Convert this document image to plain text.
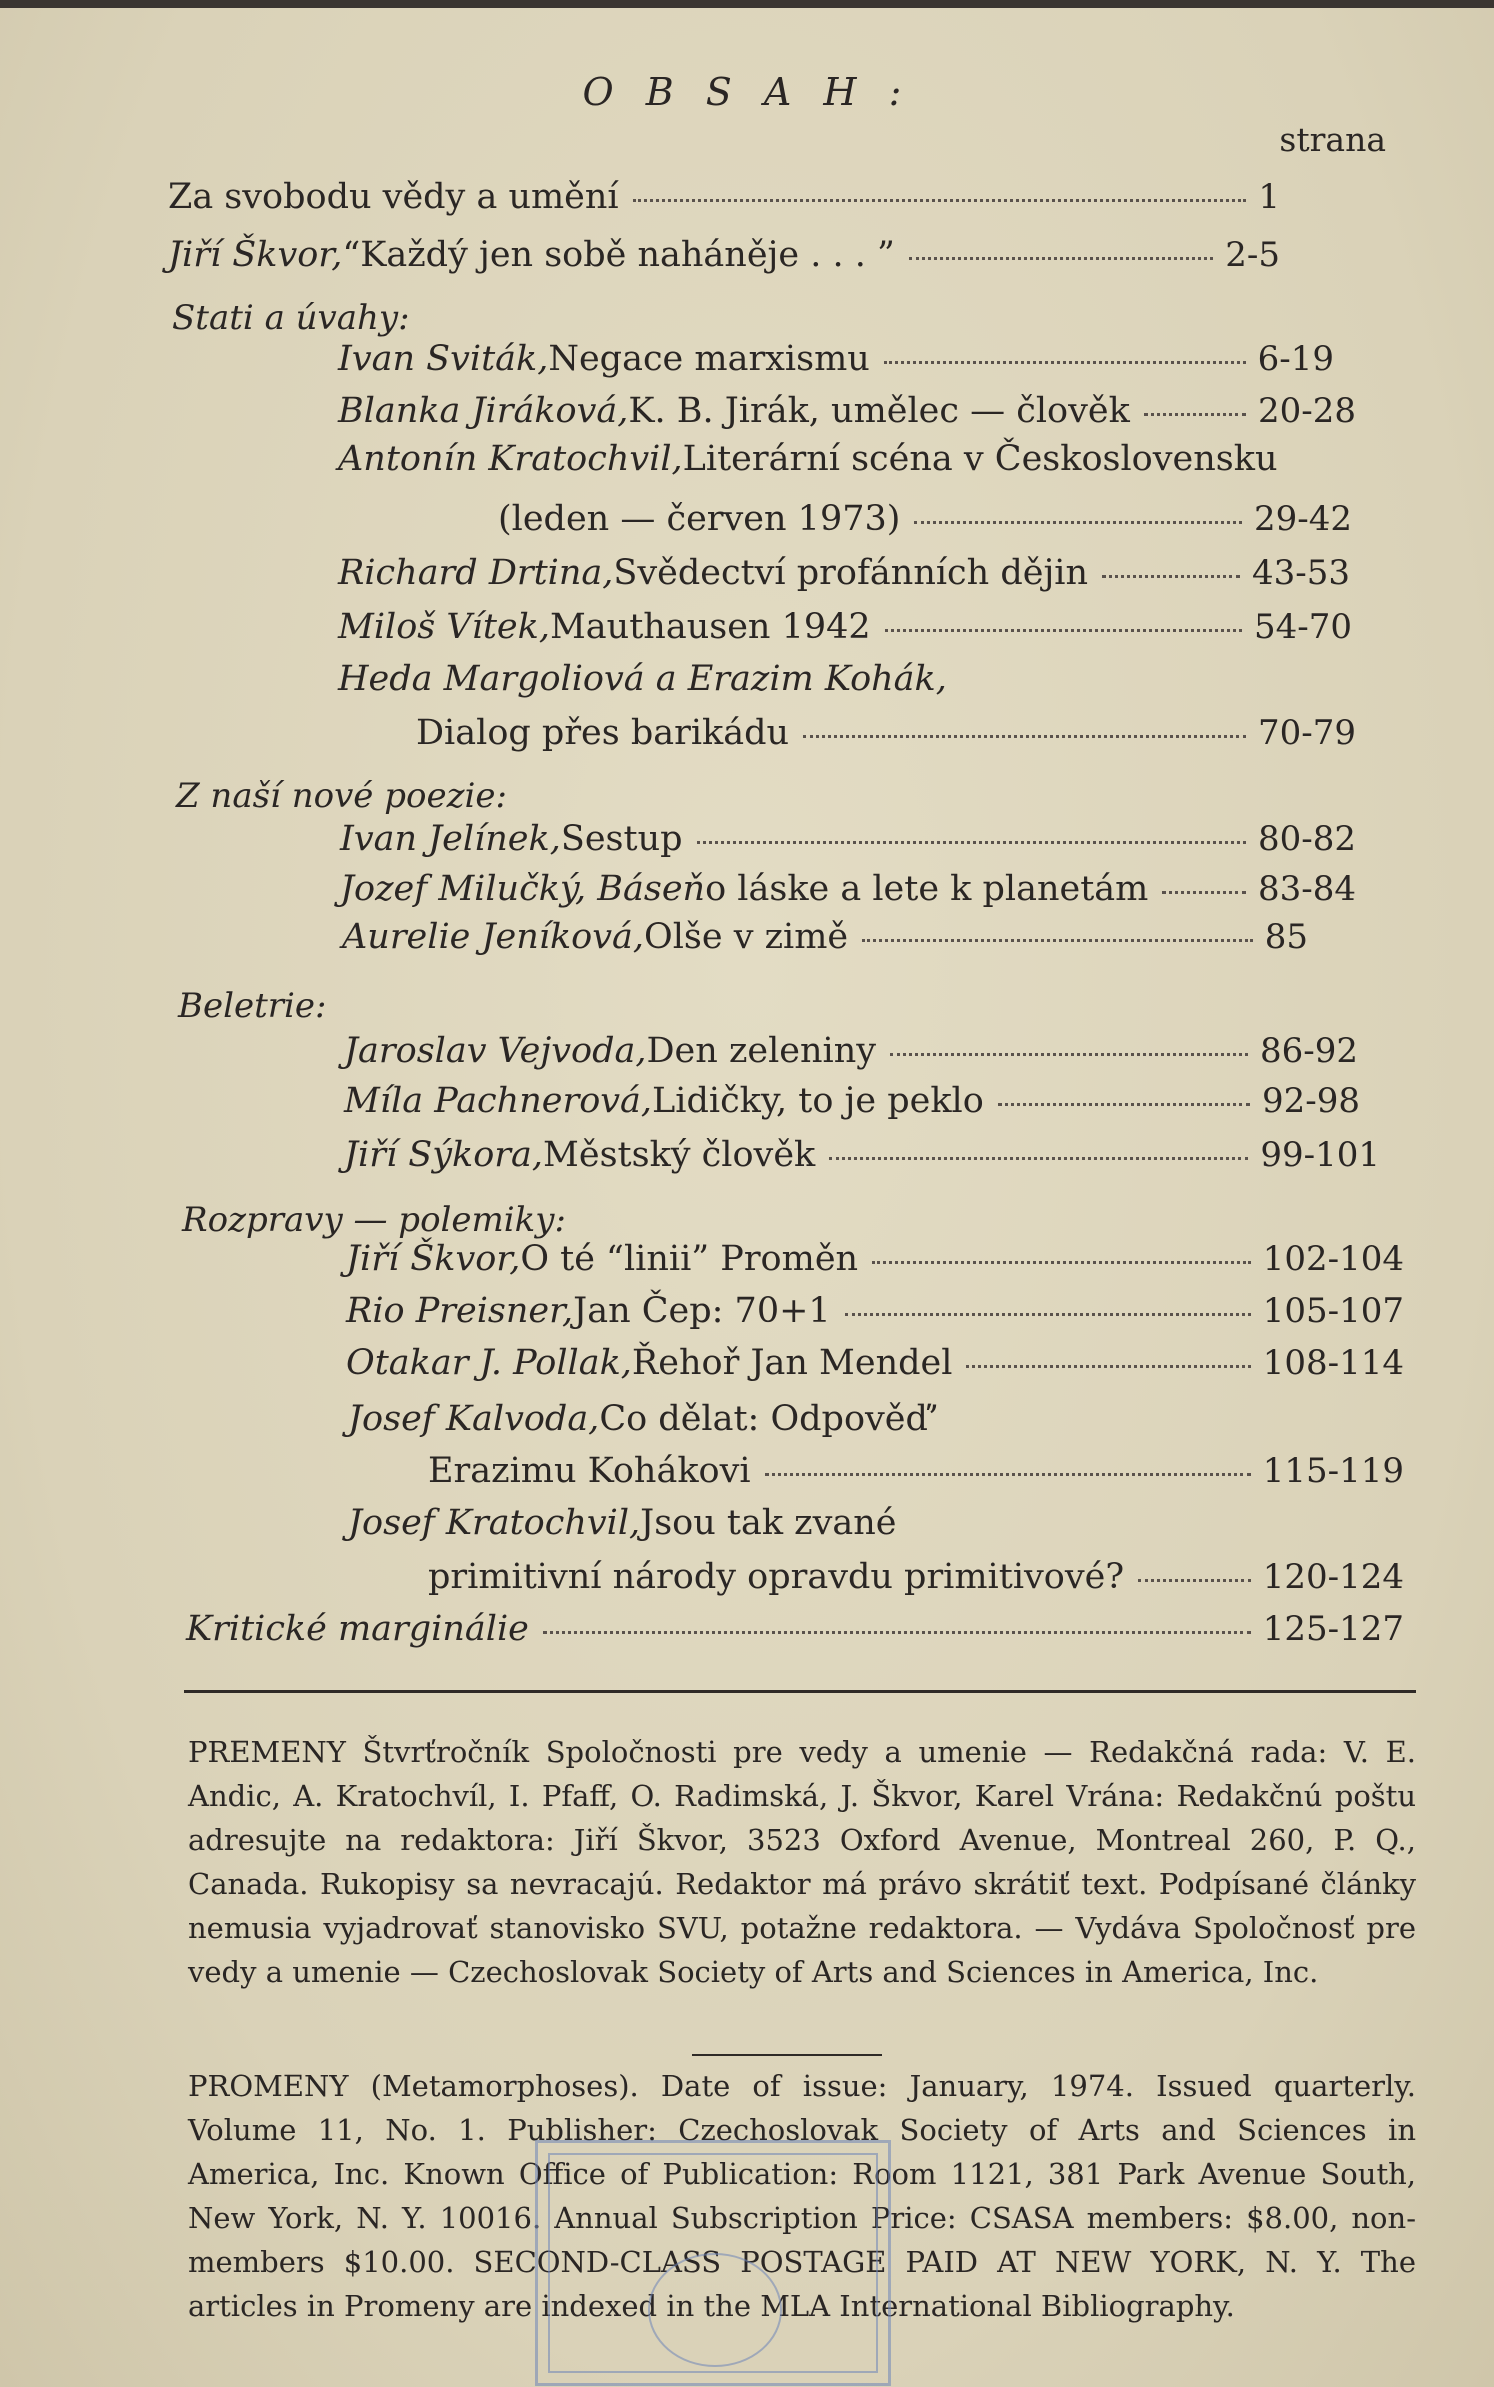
O B S A H :
strana
Za svobodu vědy a umění	1
Jiří Škvor, “Každý jen sobě naháněje . . . ”	2-5
Stati a úvahy:
Ivan Sviták, Negace marxismu	6-19
Blanka Jiráková, K. B. Jirák, umělec — člověk	20-28
Antonín Kratochvil, Literární scéna v Československu
(leden — červen 1973)	29-42
Richard Drtina, Svědectví profánních dějin	43-53
Miloš Vítek, Mauthausen 1942	54-70
Heda Margoliová a Erazim Kohák,
Dialog přes barikádu	70-79
Z naší nové poezie:
Ivan Jelínek, Sestup	80-82
Jozef Milučký, Báseň o láske a lete k planetám	83-84
Aurelie Jeníková, Olše v zimě	85
Beletrie:
Jaroslav Vejvoda, Den zeleniny	86-92
Míla Pachnerová, Lidičky, to je peklo	92-98
Jiří Sýkora, Městský člověk	99-101
Rozpravy — polemiky:
Jiří Škvor, O té “linii” Proměn	102-104
Rio Preisner, Jan Čep: 70+1	105-107
Otakar J. Pollak, Řehoř Jan Mendel	108-114
Josef Kalvoda, Co dělat: Odpověď’
Erazimu Kohákovi	115-119
Josef Kratochvil, Jsou tak zvané
primitivní národy opravdu primitivové?	120-124
Kritické marginálie	125-127
PREMENY Štvrťročník Spoločnosti pre vedy a umenie — Redakčná rada: V. E. Andic, A. Kratochvíl, I. Pfaff, O. Radimská, J. Škvor, Karel Vrána: Redakčnú poštu adresujte na redaktora: Jiří Škvor, 3523 Oxford Avenue, Montreal 260, P. Q., Canada. Rukopisy sa nevracajú. Redaktor má právo skrátiť text. Podpísané články nemusia vyjadrovať stanovisko SVU, potažne redaktora. — Vydáva Spoločnosť pre vedy a umenie — Czechoslovak Society of Arts and Sciences in America, Inc.
PROMENY (Metamorphoses). Date of issue: January, 1974. Issued quarterly. Volume 11, No. 1. Publisher: Czechoslovak Society of Arts and Sciences in America, Inc. Known Office of Publication: Room 1121, 381 Park Avenue South, New York, N. Y. 10016. Annual Subscription Price: CSASA members: $8.00, non-members $10.00. SECOND-CLASS POSTAGE PAID AT NEW YORK, N. Y. The articles in Promeny are indexed in the MLA International Bibliography.
